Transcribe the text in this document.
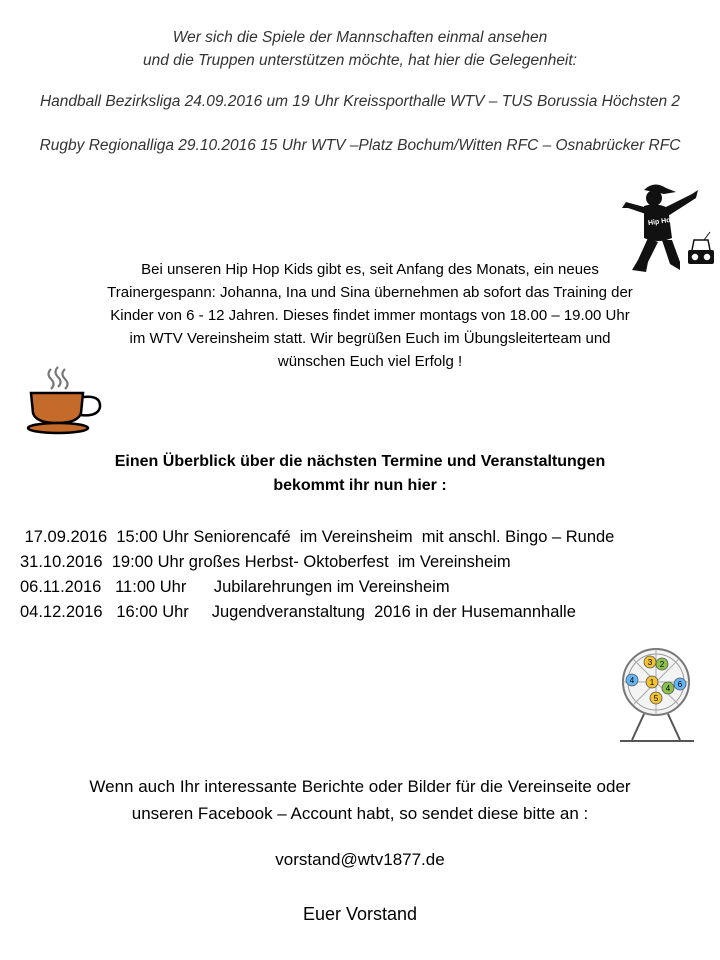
Wer sich die Spiele der Mannschaften einmal ansehen
und die Truppen unterstützen möchte, hat hier die Gelegenheit:
Handball Bezirksliga 24.09.2016 um 19 Uhr Kreissporthalle WTV – TUS Borussia Höchsten 2
Rugby Regionalliga 29.10.2016 15 Uhr WTV –Platz Bochum/Witten RFC – Osnabrücker RFC
Hip Hop
Bei unseren Hip Hop Kids gibt es, seit Anfang des Monats, ein neues
Trainergespann: Johanna, Ina und Sina übernehmen ab sofort das Training der
Kinder von 6 - 12 Jahren. Dieses findet immer montags von 18.00 – 19.00 Uhr
im WTV Vereinsheim statt. Wir begrüßen Euch im Übungsleiterteam und
wünschen Euch viel Erfolg !
Einen Überblick über die nächsten Termine und Veranstaltungen
bekommt ihr nun hier :
17.09.2016  15:00 Uhr Seniorencafé  im Vereinsheim  mit anschl. Bingo – Runde
31.10.2016  19:00 Uhr großes Herbst- Oktoberfest  im Vereinsheim
06.11.2016   11:00 Uhr      Jubilarehrungen im Vereinsheim
04.12.2016   16:00 Uhr     Jugendveranstaltung  2016 in der Husemannhalle
3 2
4 1	6
5
4
Wenn auch Ihr interessante Berichte oder Bilder für die Vereinseite oder
unseren Facebook – Account habt, so sendet diese bitte an :
vorstand@wtv1877.de
Euer Vorstand
